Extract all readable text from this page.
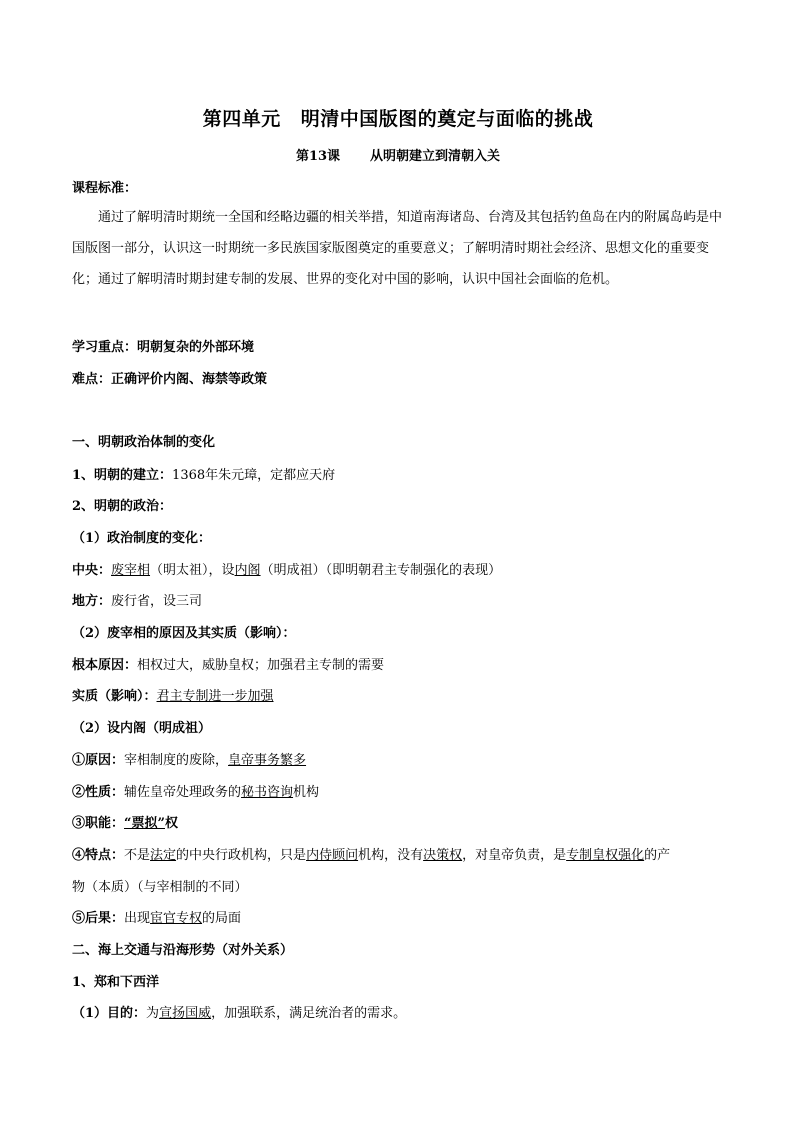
第四单元 明清中国版图的奠定与面临的挑战
第13课 从明朝建立到清朝入关
课程标准：
通过了解明清时期统一全国和经略边疆的相关举措，知道南海诸岛、台湾及其包括钓鱼岛在内的附属岛屿是中国版图一部分，认识这一时期统一多民族国家版图奠定的重要意义；了解明清时期社会经济、思想文化的重要变化；通过了解明清时期封建专制的发展、世界的变化对中国的影响，认识中国社会面临的危机。
学习重点：明朝复杂的外部环境
难点：正确评价内阁、海禁等政策
一、明朝政治体制的变化
1、明朝的建立：1368年朱元璋，定都应天府
2、明朝的政治：
（1）政治制度的变化：
中央：废宰相（明太祖），设内阁（明成祖）（即明朝君主专制强化的表现）
地方：废行省，设三司
（2）废宰相的原因及其实质（影响）：
根本原因：相权过大，威胁皇权；加强君主专制的需要
实质（影响）：君主专制进一步加强
（2）设内阁（明成祖）
①原因：宰相制度的废除，皇帝事务繁多
②性质：辅佐皇帝处理政务的秘书咨询机构
③职能：“票拟”权
④特点：不是法定的中央行政机构，只是内侍顾问机构，没有决策权，对皇帝负责，是专制皇权强化的产
物（本质）（与宰相制的不同）
⑤后果：出现宦官专权的局面
二、海上交通与沿海形势（对外关系）
1、郑和下西洋
（1）目的：为宣扬国威，加强联系，满足统治者的需求。
